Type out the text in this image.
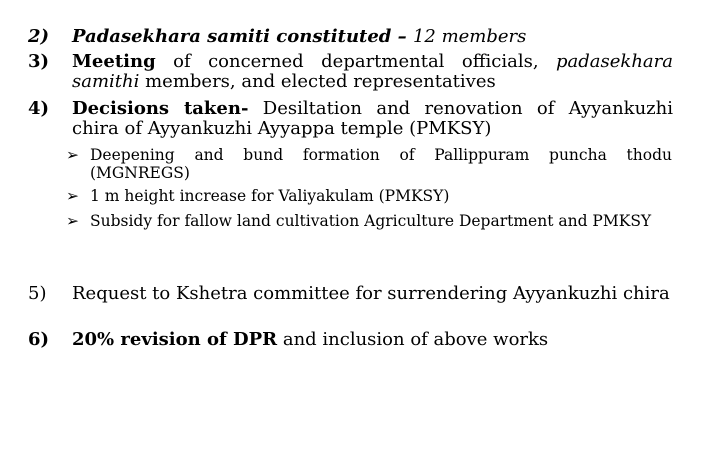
2)	Padasekhara samiti constituted – 12 members
3)	Meeting of concerned departmental officials, padasekhara samithi members, and elected representatives
4)	Decisions taken- Desiltation and renovation of Ayyankuzhi chira of Ayyankuzhi Ayyappa temple (PMKSY)
➢ Deepening and bund formation of Pallippuram puncha thodu (MGNREGS)
➢ 1 m height increase for Valiyakulam (PMKSY)
➢ Subsidy for fallow land cultivation Agriculture Department and PMKSY
5)	Request to Kshetra committee for surrendering Ayyankuzhi chira
6)	20% revision of DPR and inclusion of above works
